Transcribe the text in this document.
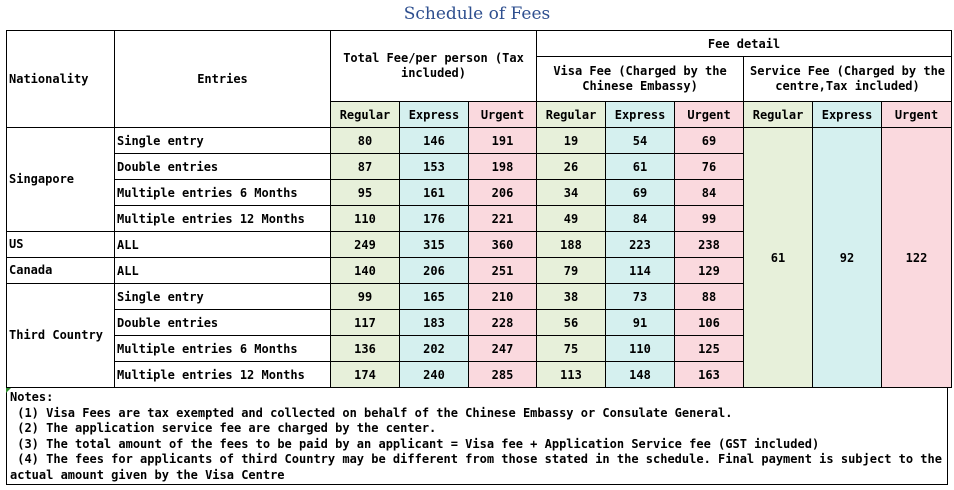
Schedule of Fees
Nationality	Entries	Total Fee/per person (Tax included)			Fee detail					
					Visa Fee (Charged by the Chinese Embassy)			Service Fee (Charged by the centre,Tax included)		
		Regular	Express	Urgent	Regular	Express	Urgent	Regular	Express	Urgent
Singapore	Single entry	80	146	191	19	54	69	61	92	122
	Double entries	87	153	198	26	61	76			
	Multiple entries 6 Months	95	161	206	34	69	84			
	Multiple entries 12 Months	110	176	221	49	84	99			
US	ALL	249	315	360	188	223	238			
Canada	ALL	140	206	251	79	114	129			
Third Country	Single entry	99	165	210	38	73	88			
	Double entries	117	183	228	56	91	106			
	Multiple entries 6 Months	136	202	247	75	110	125			
	Multiple entries 12 Months	174	240	285	113	148	163			
Notes:
(1) Visa Fees are tax exempted and collected on behalf of the Chinese Embassy or Consulate General.
(2) The application service fee are charged by the center.
(3) The total amount of the fees to be paid by an applicant = Visa fee + Application Service fee (GST included)
(4) The fees for applicants of third Country may be different from those stated in the schedule. Final payment is subject to the actual amount given by the Visa Centre
